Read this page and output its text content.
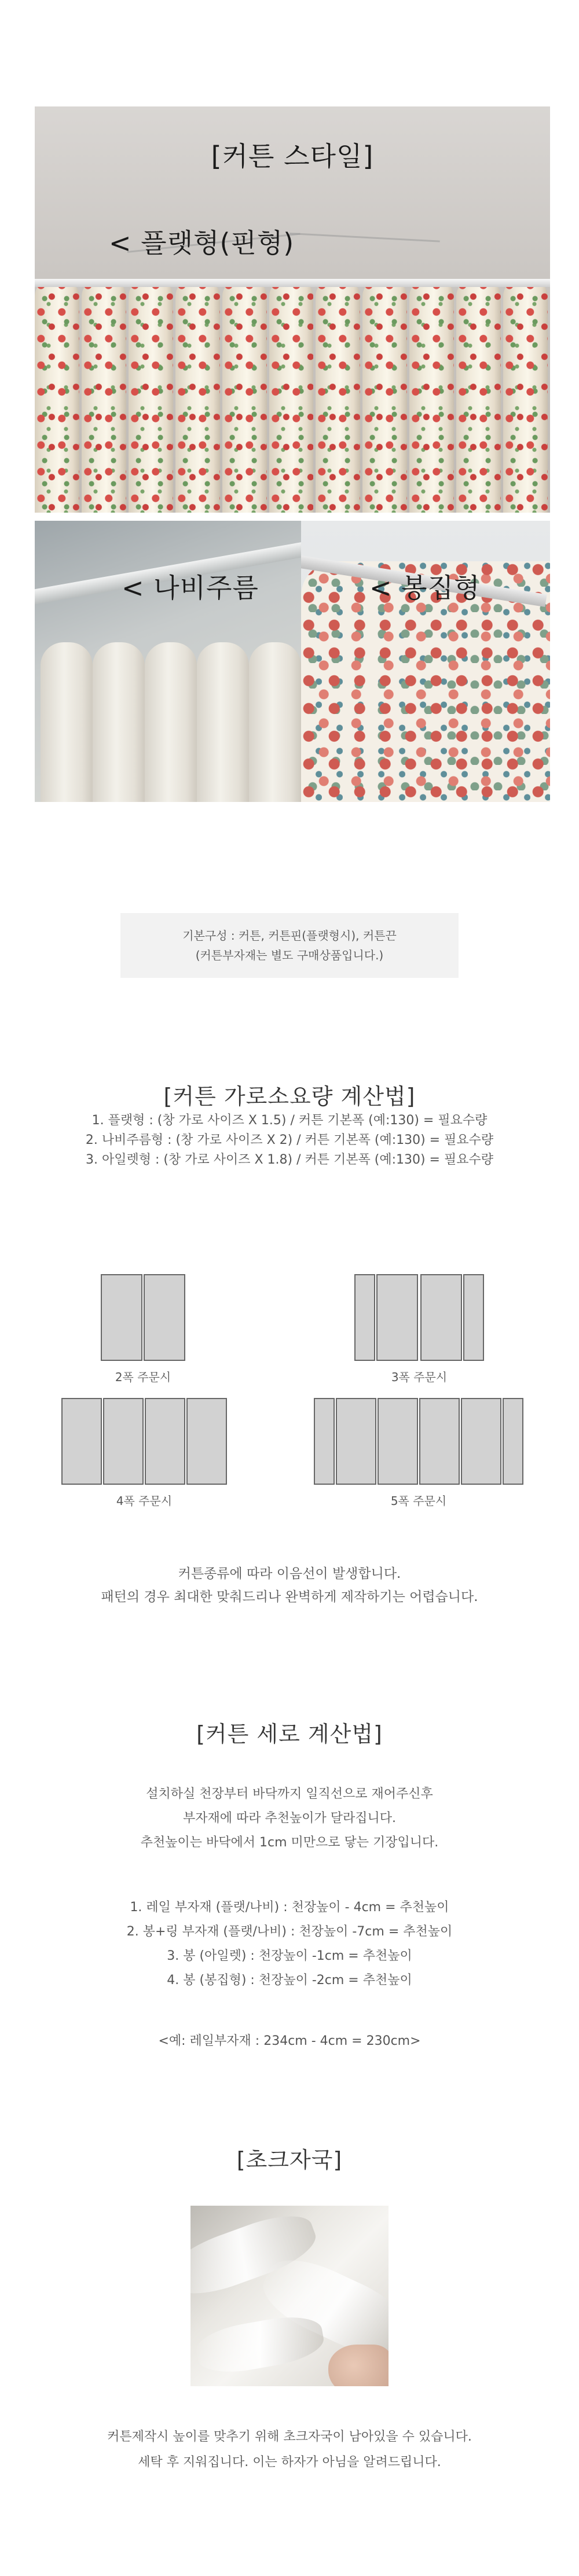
[커튼 스타일]
< 플랫형(핀형)
< 나비주름	< 봉집형
기본구성 : 커튼, 커튼핀(플랫형시), 커튼끈
(커튼부자재는 별도 구매상품입니다.)
[커튼 가로소요량 계산법]
1. 플랫형 : (창 가로 사이즈 X 1.5) / 커튼 기본폭 (예:130) = 필요수량
2. 나비주름형 : (창 가로 사이즈 X 2) / 커튼 기본폭 (예:130) = 필요수량
3. 아일렛형 : (창 가로 사이즈 X 1.8) / 커튼 기본폭 (예:130) = 필요수량
2폭 주문시	3폭 주문시
4폭 주문시	5폭 주문시
커튼종류에 따라 이음선이 발생합니다.
패턴의 경우 최대한 맞춰드리나 완벽하게 제작하기는 어렵습니다.
[커튼 세로 계산법]
설치하실 천장부터 바닥까지 일직선으로 재어주신후
부자재에 따라 추천높이가 달라집니다.
추천높이는 바닥에서 1cm 미만으로 닿는 기장입니다.
1. 레일 부자재 (플랫/나비) : 천장높이 - 4cm = 추천높이
2. 봉+링 부자재 (플랫/나비) : 천장높이 -7cm = 추천높이
3. 봉 (아일렛) : 천장높이 -1cm = 추천높이
4. 봉 (봉집형) : 천장높이 -2cm = 추천높이
<예: 레일부자재 : 234cm - 4cm = 230cm>
[초크자국]
커튼제작시 높이를 맞추기 위해 초크자국이 남아있을 수 있습니다.
세탁 후 지워집니다. 이는 하자가 아님을 알려드립니다.
